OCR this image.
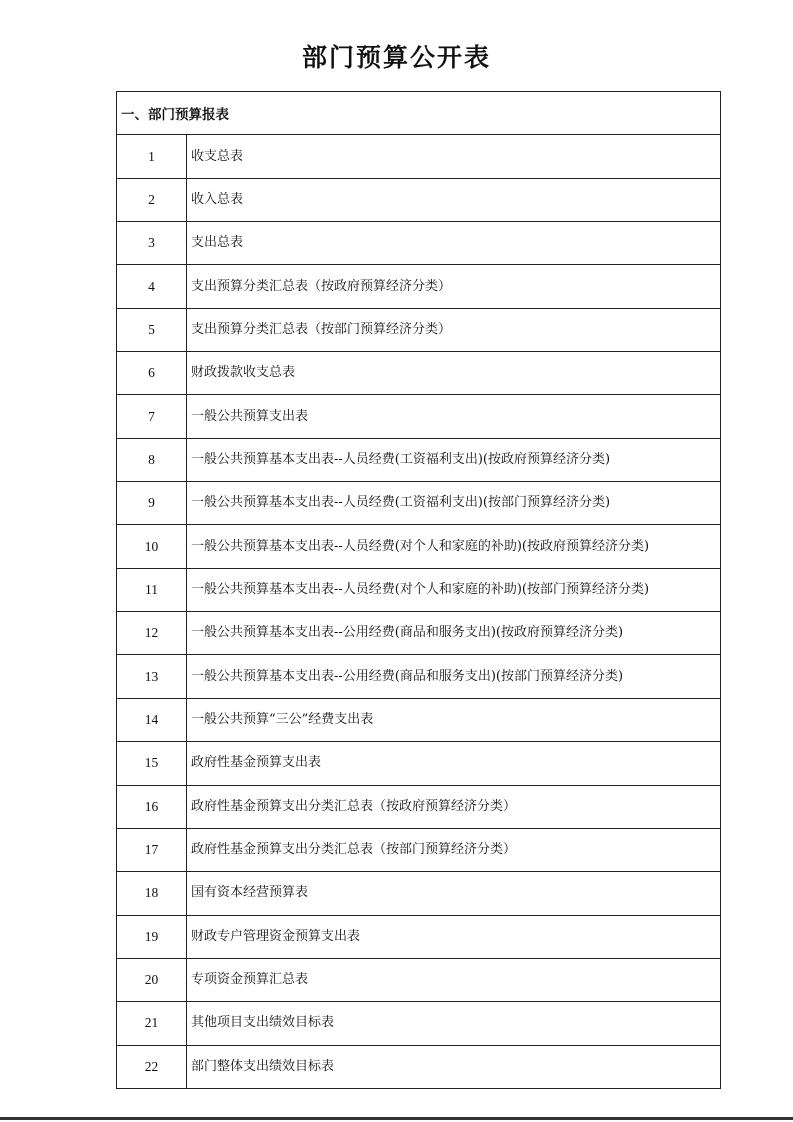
部门预算公开表
一、部门预算报表	
1	收支总表
2	收入总表
3	支出总表
4	支出预算分类汇总表（按政府预算经济分类）
5	支出预算分类汇总表（按部门预算经济分类）
6	财政拨款收支总表
7	一般公共预算支出表
8	一般公共预算基本支出表--人员经费(工资福利支出)(按政府预算经济分类)
9	一般公共预算基本支出表--人员经费(工资福利支出)(按部门预算经济分类)
10	一般公共预算基本支出表--人员经费(对个人和家庭的补助)(按政府预算经济分类)
11	一般公共预算基本支出表--人员经费(对个人和家庭的补助)(按部门预算经济分类)
12	一般公共预算基本支出表--公用经费(商品和服务支出)(按政府预算经济分类)
13	一般公共预算基本支出表--公用经费(商品和服务支出)(按部门预算经济分类)
14	一般公共预算“三公”经费支出表
15	政府性基金预算支出表
16	政府性基金预算支出分类汇总表（按政府预算经济分类）
17	政府性基金预算支出分类汇总表（按部门预算经济分类）
18	国有资本经营预算表
19	财政专户管理资金预算支出表
20	专项资金预算汇总表
21	其他项目支出绩效目标表
22	部门整体支出绩效目标表
